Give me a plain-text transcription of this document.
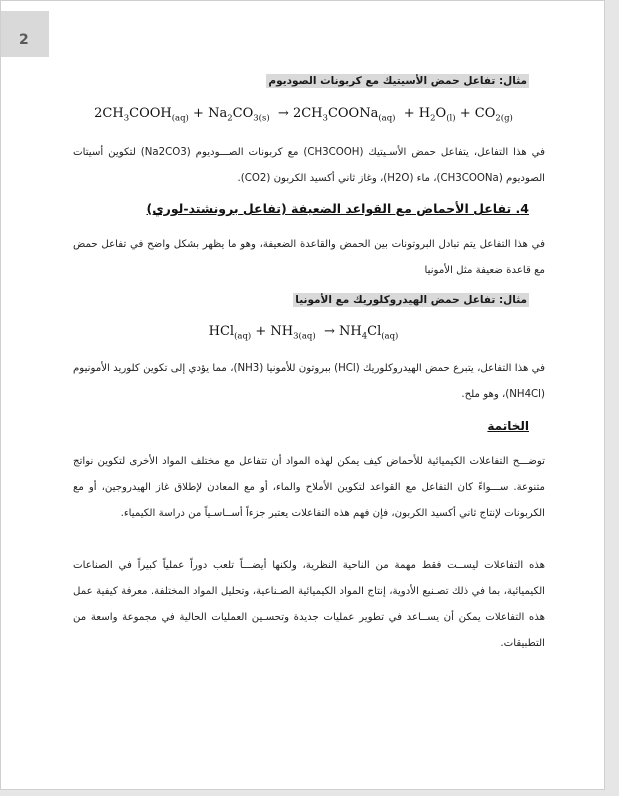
2
مثال: تفاعل حمض الأسيتيك مع كربونات الصوديوم
$2CH_3COOH_{(aq)} + Na_2CO_{3(s)}$  → $2CH_3COONa_{(aq)} + H_2O_{(l)} + CO_{2(g)}$
في هذا التفاعل، يتفاعل حمض الأسـيتيك (CH3COOH) مع كربونات الصـــوديوم (Na2CO3) لتكوين أسيتات الصوديوم (CH3COONa)، ماء (H2O)، وغاز ثاني أكسيد الكربون (CO2).
4. تفاعل الأحماض مع القواعد الضعيفة (تفاعل برونشتد-لوري)
في هذا التفاعل يتم تبادل البروتونات بين الحمض والقاعدة الضعيفة، وهو ما يظهر بشكل واضح في تفاعل حمض مع قاعدة ضعيفة مثل الأمونيا
مثال: تفاعل حمض الهيدروكلوريك مع الأمونيا
$HCl_{(aq)} + NH_{3(aq)} \to NH_4Cl_{(aq)}$
في هذا التفاعل، يتبرع حمض الهيدروكلوريك (HCl) ببروتون للأمونيا (NH3)، مما يؤدي إلى تكوين كلوريد الأمونيوم (NH4Cl)، وهو ملح.
الخاتمة
توضـــح التفاعلات الكيميائية للأحماض كيف يمكن لهذه المواد أن تتفاعل مع مختلف المواد الأخرى لتكوين نواتج متنوعة. ســـواءً كان التفاعل مع القواعد لتكوين الأملاح والماء، أو مع المعادن لإطلاق غاز الهيدروجين، أو مع الكربونات لإنتاج ثاني أكسيد الكربون، فإن فهم هذه التفاعلات يعتبر جزءاً أســاسـياً من دراسة الكيمياء.
هذه التفاعلات ليســت فقط مهمة من الناحية النظرية، ولكنها أيضـــاً تلعب دوراً عملياً كبيراً في الصناعات الكيميائية، بما في ذلك تصـنيع الأدوية، إنتاج المواد الكيميائية الصـناعية، وتحليل المواد المختلفة. معرفة كيفية عمل هذه التفاعلات يمكن أن يســاعد في تطوير عمليات جديدة وتحسـين العمليات الحالية في مجموعة واسعة من التطبيقات.
